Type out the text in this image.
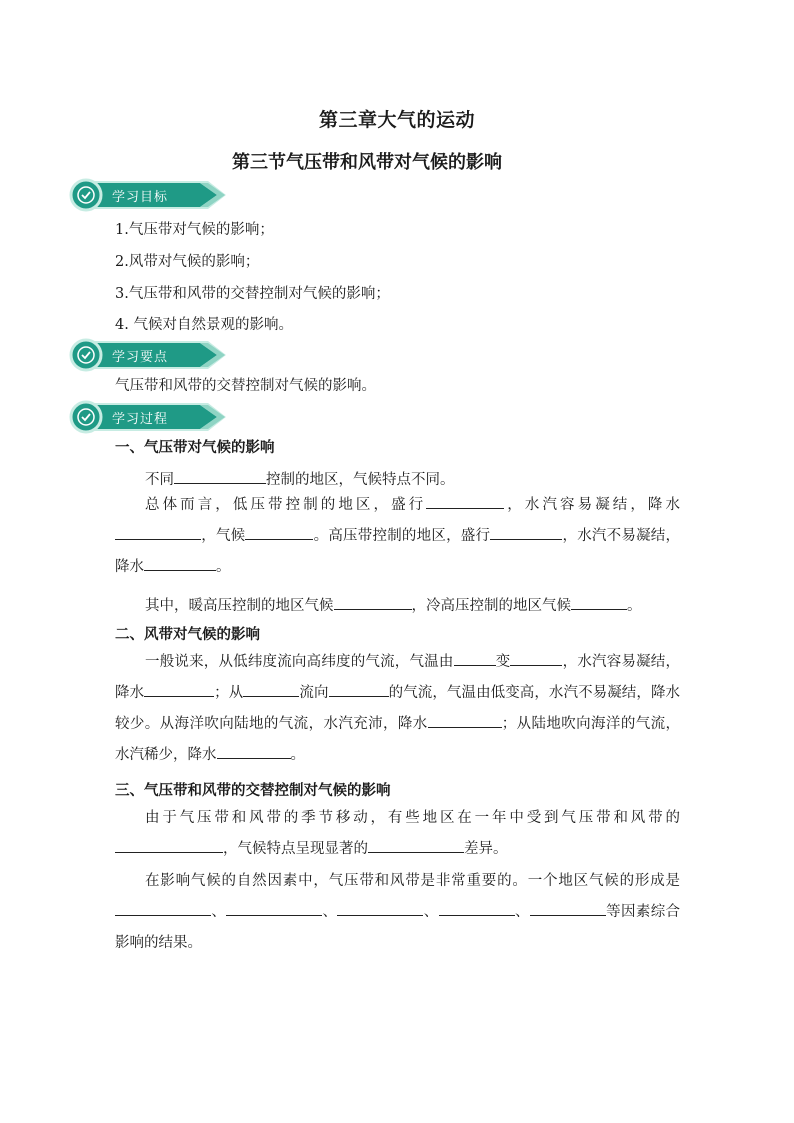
第三章大气的运动
第三节气压带和风带对气候的影响
学习目标
1.气压带对气候的影响；
2.风带对气候的影响；
3.气压带和风带的交替控制对气候的影响；
4. 气候对自然景观的影响。
学习要点
气压带和风带的交替控制对气候的影响。
学习过程
一、气压带对气候的影响
不同	控制的地区，气候特点不同。
总体而言，低压带控制的地区，盛行	，水汽容易凝结，降水，气候	。高压带控制的地区，盛行	，水汽不易凝结，降水	。
其中，暖高压控制的地区气候	，冷高压控制的地区气候	。
二、风带对气候的影响
一般说来，从低纬度流向高纬度的气流，气温由	变	，水汽容易凝结，降水	；从	流向	的气流，气温由低变高，水汽不易凝结，降水较少。从海洋吹向陆地的气流，水汽充沛，降水	；从陆地吹向海洋的气流，水汽稀少，降水	。
三、气压带和风带的交替控制对气候的影响
由于气压带和风带的季节移动，有些地区在一年中受到气压带和风带的，气候特点呈现显著的	差异。
在影响气候的自然因素中，气压带和风带是非常重要的。一个地区气候的形成是、	、	、	、	等因素综合影响的结果。
